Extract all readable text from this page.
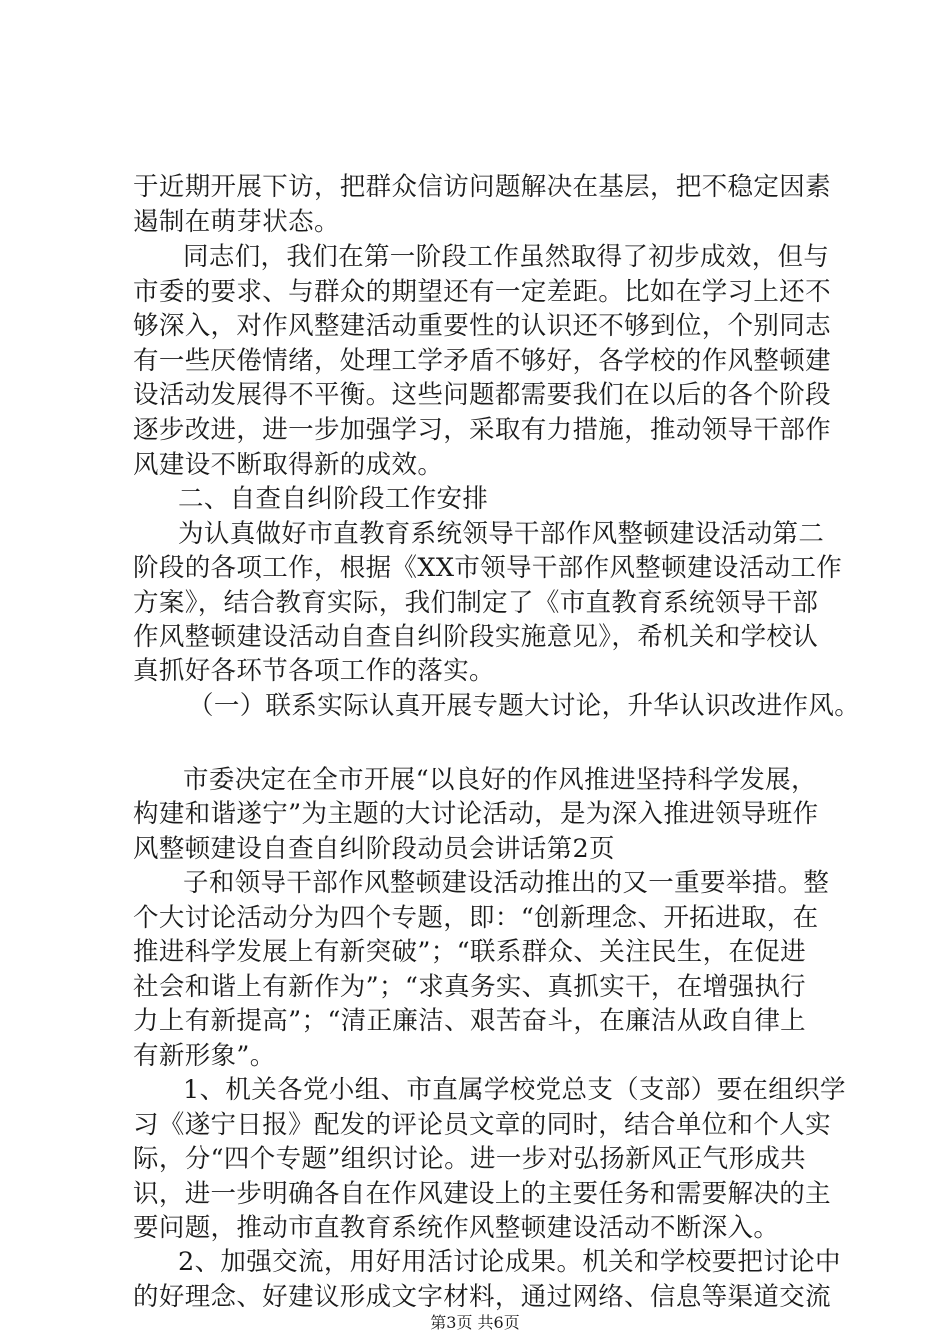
于近期开展下访，把群众信访问题解决在基层，把不稳定因素
遏制在萌芽状态。
同志们，我们在第一阶段工作虽然取得了初步成效，但与
市委的要求、与群众的期望还有一定差距。比如在学习上还不
够深入，对作风整建活动重要性的认识还不够到位，个别同志
有一些厌倦情绪，处理工学矛盾不够好，各学校的作风整顿建
设活动发展得不平衡。这些问题都需要我们在以后的各个阶段
逐步改进，进一步加强学习，采取有力措施，推动领导干部作
风建设不断取得新的成效。
二、自查自纠阶段工作安排
为认真做好市直教育系统领导干部作风整顿建设活动第二
阶段的各项工作，根据《XX市领导干部作风整顿建设活动工作
方案》，结合教育实际，我们制定了《市直教育系统领导干部
作风整顿建设活动自查自纠阶段实施意见》，希机关和学校认
真抓好各环节各项工作的落实。
（一）联系实际认真开展专题大讨论，升华认识改进作风。
市委决定在全市开展“以良好的作风推进坚持科学发展，
构建和谐遂宁”为主题的大讨论活动，是为深入推进领导班作
风整顿建设自查自纠阶段动员会讲话第2页
子和领导干部作风整顿建设活动推出的又一重要举措。整
个大讨论活动分为四个专题，即：“创新理念、开拓进取，在
推进科学发展上有新突破”；“联系群众、关注民生，在促进
社会和谐上有新作为”；“求真务实、真抓实干，在增强执行
力上有新提高”；“清正廉洁、艰苦奋斗，在廉洁从政自律上
有新形象”。
1、机关各党小组、市直属学校党总支（支部）要在组织学
习《遂宁日报》配发的评论员文章的同时，结合单位和个人实
际，分“四个专题”组织讨论。进一步对弘扬新风正气形成共
识，进一步明确各自在作风建设上的主要任务和需要解决的主
要问题，推动市直教育系统作风整顿建设活动不断深入。
2、加强交流，用好用活讨论成果。机关和学校要把讨论中
的好理念、好建议形成文字材料，通过网络、信息等渠道交流
第3页 共6页
